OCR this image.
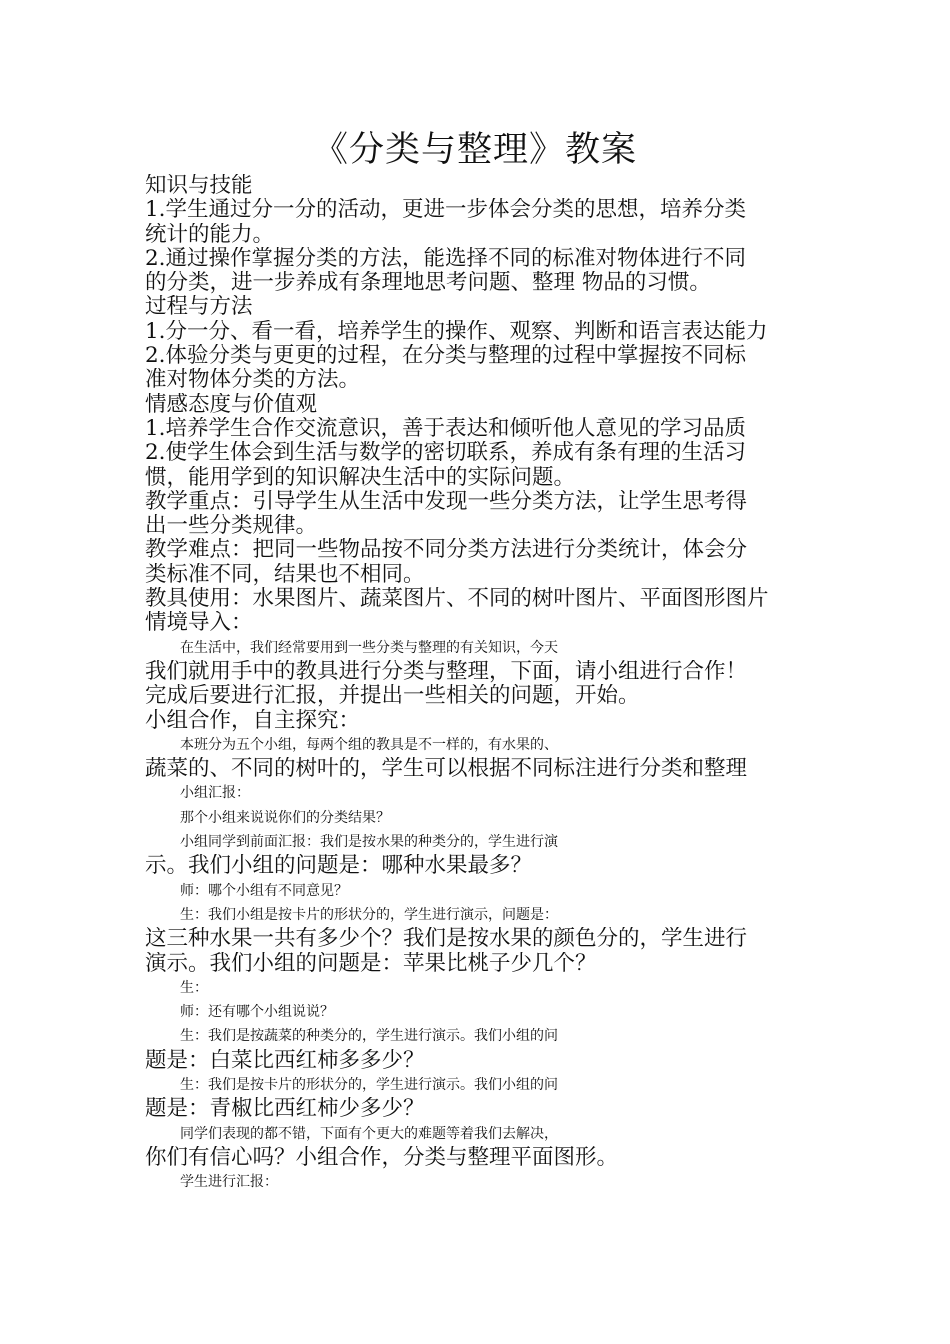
《分类与整理》教案

知识与技能

1.学生通过分一分的活动，更进一步体会分类的思想，培养分类

统计的能力。

2.通过操作掌握分类的方法，能选择不同的标准对物体进行不同

的分类，进一步养成有条理地思考问题、整理 物品的习惯。

过程与方法

1.分一分、看一看，培养学生的操作、观察、判断和语言表达能力

2.体验分类与更更的过程，在分类与整理的过程中掌握按不同标

准对物体分类的方法。

情感态度与价值观

1.培养学生合作交流意识，善于表达和倾听他人意见的学习品质

2.使学生体会到生活与数学的密切联系，养成有条有理的生活习

惯，能用学到的知识解决生活中的实际问题。

教学重点：引导学生从生活中发现一些分类方法，让学生思考得

出一些分类规律。

教学难点：把同一些物品按不同分类方法进行分类统计，体会分

类标准不同，结果也不相同。

教具使用：水果图片、蔬菜图片、不同的树叶图片、平面图形图片

情境导入：

在生活中，我们经常要用到一些分类与整理的有关知识，今天

我们就用手中的教具进行分类与整理，下面，请小组进行合作！

完成后要进行汇报，并提出一些相关的问题，开始。

小组合作，自主探究：

本班分为五个小组，每两个组的教具是不一样的，有水果的、

蔬菜的、不同的树叶的，学生可以根据不同标注进行分类和整理

小组汇报：

那个小组来说说你们的分类结果？

小组同学到前面汇报：我们是按水果的种类分的，学生进行演

示。我们小组的问题是：哪种水果最多？

师：哪个小组有不同意见？

生：我们小组是按卡片的形状分的，学生进行演示，问题是：

这三种水果一共有多少个？我们是按水果的颜色分的，学生进行

演示。我们小组的问题是：苹果比桃子少几个？

生：

师：还有哪个小组说说？

生：我们是按蔬菜的种类分的，学生进行演示。我们小组的问

题是：白菜比西红柿多多少？

生：我们是按卡片的形状分的，学生进行演示。我们小组的问

题是：青椒比西红柿少多少？

同学们表现的都不错，下面有个更大的难题等着我们去解决，

你们有信心吗？小组合作，分类与整理平面图形。

学生进行汇报：
